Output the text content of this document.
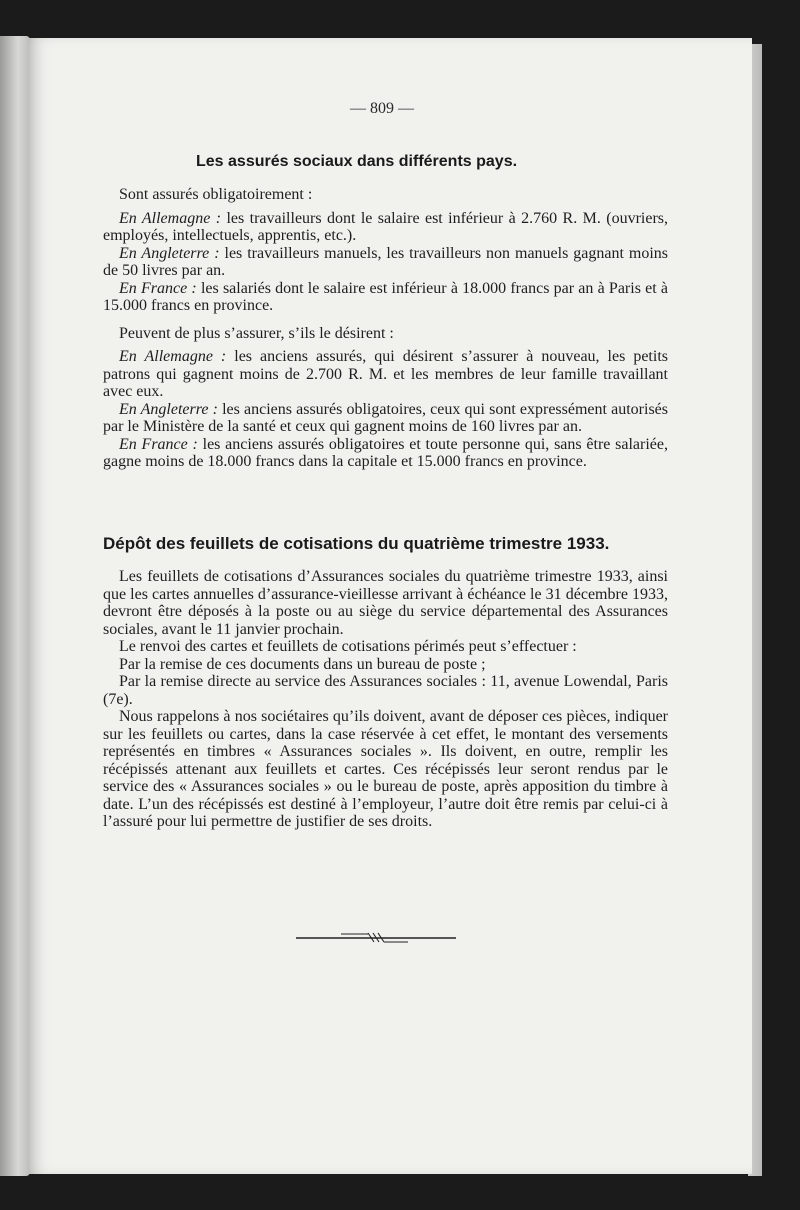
— 809 —
Les assurés sociaux dans différents pays.

Sont assurés obligatoirement :

En Allemagne : les travailleurs dont le salaire est inférieur à 2.760 R. M. (ouvriers, employés, intellectuels, apprentis, etc.).

En Angleterre : les travailleurs manuels, les travailleurs non manuels gagnant moins de 50 livres par an.

En France : les salariés dont le salaire est inférieur à 18.000 francs par an à Paris et à 15.000 francs en province.

Peuvent de plus s’assurer, s’ils le désirent :

En Allemagne : les anciens assurés, qui désirent s’assurer à nouveau, les petits patrons qui gagnent moins de 2.700 R. M. et les membres de leur famille travaillant avec eux.

En Angleterre : les anciens assurés obligatoires, ceux qui sont expressément autorisés par le Ministère de la santé et ceux qui gagnent moins de 160 livres par an.

En France : les anciens assurés obligatoires et toute personne qui, sans être salariée, gagne moins de 18.000 francs dans la capitale et 15.000 francs en province.

Dépôt des feuillets de cotisations du quatrième trimestre 1933.

Les feuillets de cotisations d’Assurances sociales du quatrième trimestre 1933, ainsi que les cartes annuelles d’assurance-vieillesse arrivant à échéance le 31 décembre 1933, devront être déposés à la poste ou au siège du service départemental des Assurances sociales, avant le 11 janvier prochain.

Le renvoi des cartes et feuillets de cotisations périmés peut s’effectuer :

Par la remise de ces documents dans un bureau de poste ;

Par la remise directe au service des Assurances sociales : 11, avenue Lowendal, Paris (7e).

Nous rappelons à nos sociétaires qu’ils doivent, avant de déposer ces pièces, indiquer sur les feuillets ou cartes, dans la case réservée à cet effet, le montant des versements représentés en timbres « Assurances sociales ». Ils doivent, en outre, remplir les récépissés attenant aux feuillets et cartes. Ces récépissés leur seront rendus par le service des « Assurances sociales » ou le bureau de poste, après apposition du timbre à date. L’un des récépissés est destiné à l’employeur, l’autre doit être remis par celui-ci à l’assuré pour lui permettre de justifier de ses droits.
